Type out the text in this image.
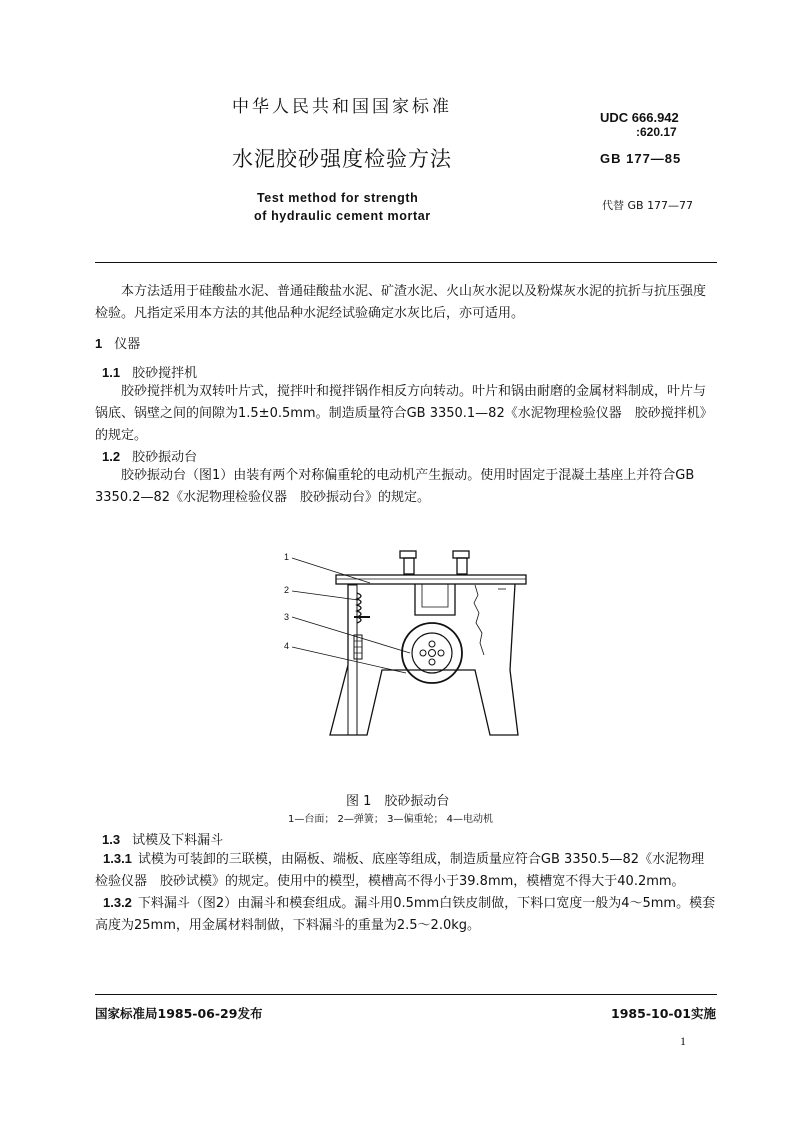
中华人民共和国国家标准
UDC 666.942
:620.17
水泥胶砂强度检验方法	GB 177—85
Test method for strength
of hydraulic cement mortar
代替 GB 177—77
本方法适用于硅酸盐水泥、普通硅酸盐水泥、矿渣水泥、火山灰水泥以及粉煤灰水泥的抗折与抗压强度检验。凡指定采用本方法的其他品种水泥经试验确定水灰比后，亦可适用。
1 仪器
1.1 胶砂搅拌机
胶砂搅拌机为双转叶片式，搅拌叶和搅拌锅作相反方向转动。叶片和锅由耐磨的金属材料制成，叶片与锅底、锅壁之间的间隙为1.5±0.5mm。制造质量符合GB 3350.1—82《水泥物理检验仪器　胶砂搅拌机》的规定。
1.2 胶砂振动台
胶砂振动台（图1）由装有两个对称偏重轮的电动机产生振动。使用时固定于混凝土基座上并符合GB 3350.2—82《水泥物理检验仪器　胶砂振动台》的规定。
1
2
3
4
图 1　胶砂振动台
1—台面； 2—弹簧； 3—偏重轮； 4—电动机
1.3 试模及下料漏斗
1.3.1 试模为可装卸的三联模，由隔板、端板、底座等组成，制造质量应符合GB 3350.5—82《水泥物理检验仪器　胶砂试模》的规定。使用中的模型，模槽高不得小于39.8mm，模槽宽不得大于40.2mm。
1.3.2 下料漏斗（图2）由漏斗和模套组成。漏斗用0.5mm白铁皮制做，下料口宽度一般为4～5mm。模套高度为25mm，用金属材料制做，下料漏斗的重量为2.5～2.0kg。
国家标准局1985-06-29发布	1985-10-01实施
1
